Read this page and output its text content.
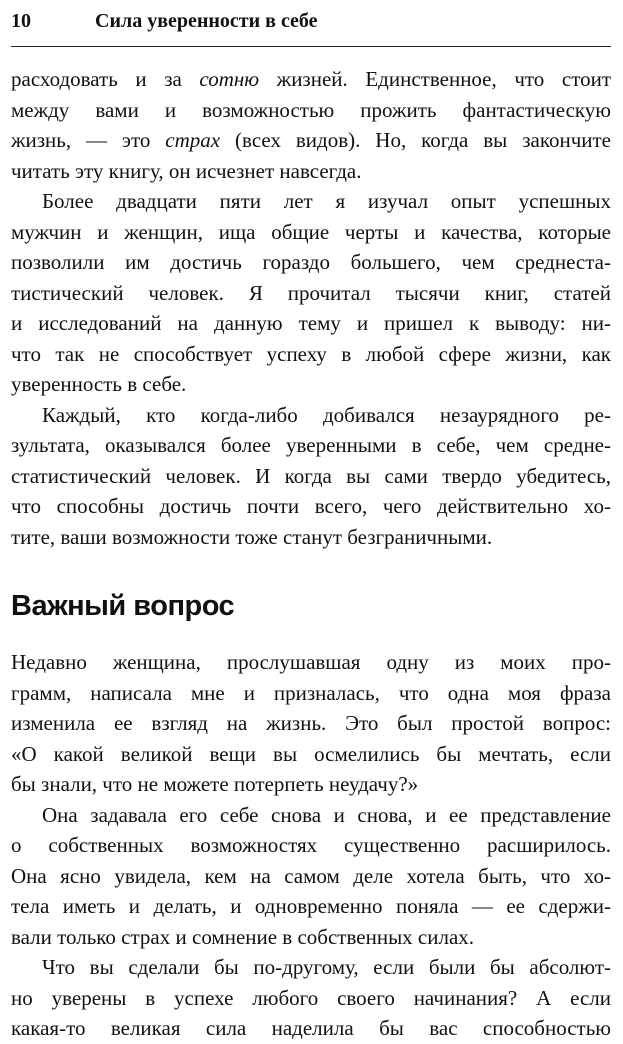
10	Сила уверенности в себе
расходовать и за сотню жизней. Единственное, что стоит
между вами и возможностью прожить фантастическую
жизнь, — это страх (всех видов). Но, когда вы закончите
читать эту книгу, он исчезнет навсегда.
Более двадцати пяти лет я изучал опыт успешных
мужчин и женщин, ища общие черты и качества, которые
позволили им достичь гораздо большего, чем среднеста-
тистический человек. Я прочитал тысячи книг, статей
и исследований на данную тему и пришел к выводу: ни-
что так не способствует успеху в любой сфере жизни, как
уверенность в себе.
Каждый, кто когда-либо добивался незаурядного ре-
зультата, оказывался более уверенными в себе, чем средне-
статистический человек. И когда вы сами твердо убедитесь,
что способны достичь почти всего, чего действительно хо-
тите, ваши возможности тоже станут безграничными.
Важный вопрос
Недавно женщина, прослушавшая одну из моих про-
грамм, написала мне и призналась, что одна моя фраза
изменила ее взгляд на жизнь. Это был простой вопрос:
«О какой великой вещи вы осмелились бы мечтать, если
бы знали, что не можете потерпеть неудачу?»
Она задавала его себе снова и снова, и ее представление
о собственных возможностях существенно расширилось.
Она ясно увидела, кем на самом деле хотела быть, что хо-
тела иметь и делать, и одновременно поняла — ее сдержи-
вали только страх и сомнение в собственных силах.
Что вы сделали бы по-другому, если были бы абсолют-
но уверены в успехе любого своего начинания? А если
какая-то великая сила наделила бы вас способностью
